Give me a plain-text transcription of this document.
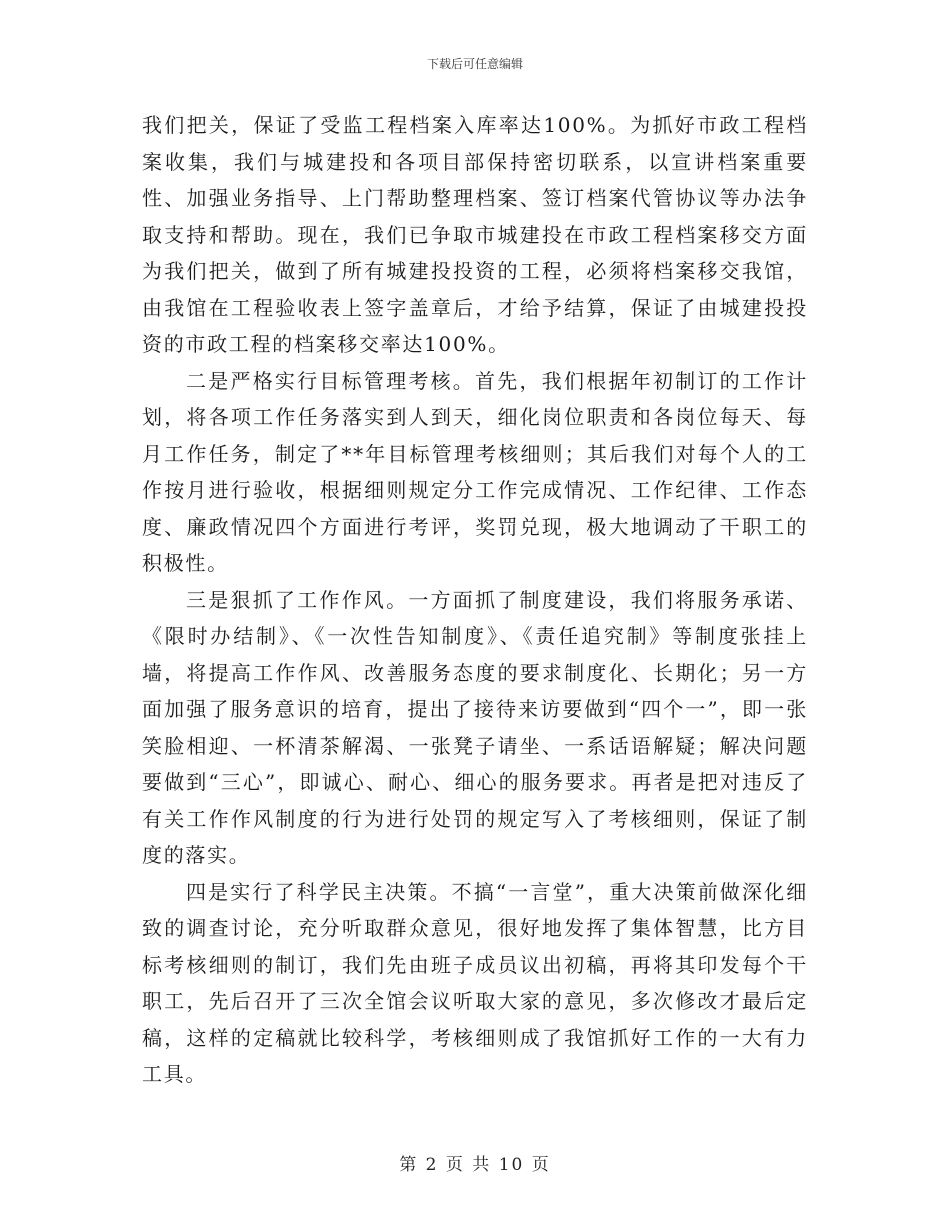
下载后可任意编辑

我们把关，保证了受监工程档案入库率达100%。为抓好市政工程档案收集，我们与城建投和各项目部保持密切联系，以宣讲档案重要性、加强业务指导、上门帮助整理档案、签订档案代管协议等办法争取支持和帮助。现在，我们已争取市城建投在市政工程档案移交方面为我们把关，做到了所有城建投投资的工程，必须将档案移交我馆，由我馆在工程验收表上签字盖章后，才给予结算，保证了由城建投投资的市政工程的档案移交率达100%。

二是严格实行目标管理考核。首先，我们根据年初制订的工作计划，将各项工作任务落实到人到天，细化岗位职责和各岗位每天、每月工作任务，制定了**年目标管理考核细则；其后我们对每个人的工作按月进行验收，根据细则规定分工作完成情况、工作纪律、工作态度、廉政情况四个方面进行考评，奖罚兑现，极大地调动了干职工的积极性。

三是狠抓了工作作风。一方面抓了制度建设，我们将服务承诺、《限时办结制》、《一次性告知制度》、《责任追究制》等制度张挂上墙，将提高工作作风、改善服务态度的要求制度化、长期化；另一方面加强了服务意识的培育，提出了接待来访要做到“四个一”，即一张笑脸相迎、一杯清茶解渴、一张凳子请坐、一系话语解疑；解决问题要做到“三心”，即诚心、耐心、细心的服务要求。再者是把对违反了有关工作作风制度的行为进行处罚的规定写入了考核细则，保证了制度的落实。

四是实行了科学民主决策。不搞“一言堂”，重大决策前做深化细致的调查讨论，充分听取群众意见，很好地发挥了集体智慧，比方目标考核细则的制订，我们先由班子成员议出初稿，再将其印发每个干职工，先后召开了三次全馆会议听取大家的意见，多次修改才最后定稿，这样的定稿就比较科学，考核细则成了我馆抓好工作的一大有力工具。

第 2 页 共 10 页
